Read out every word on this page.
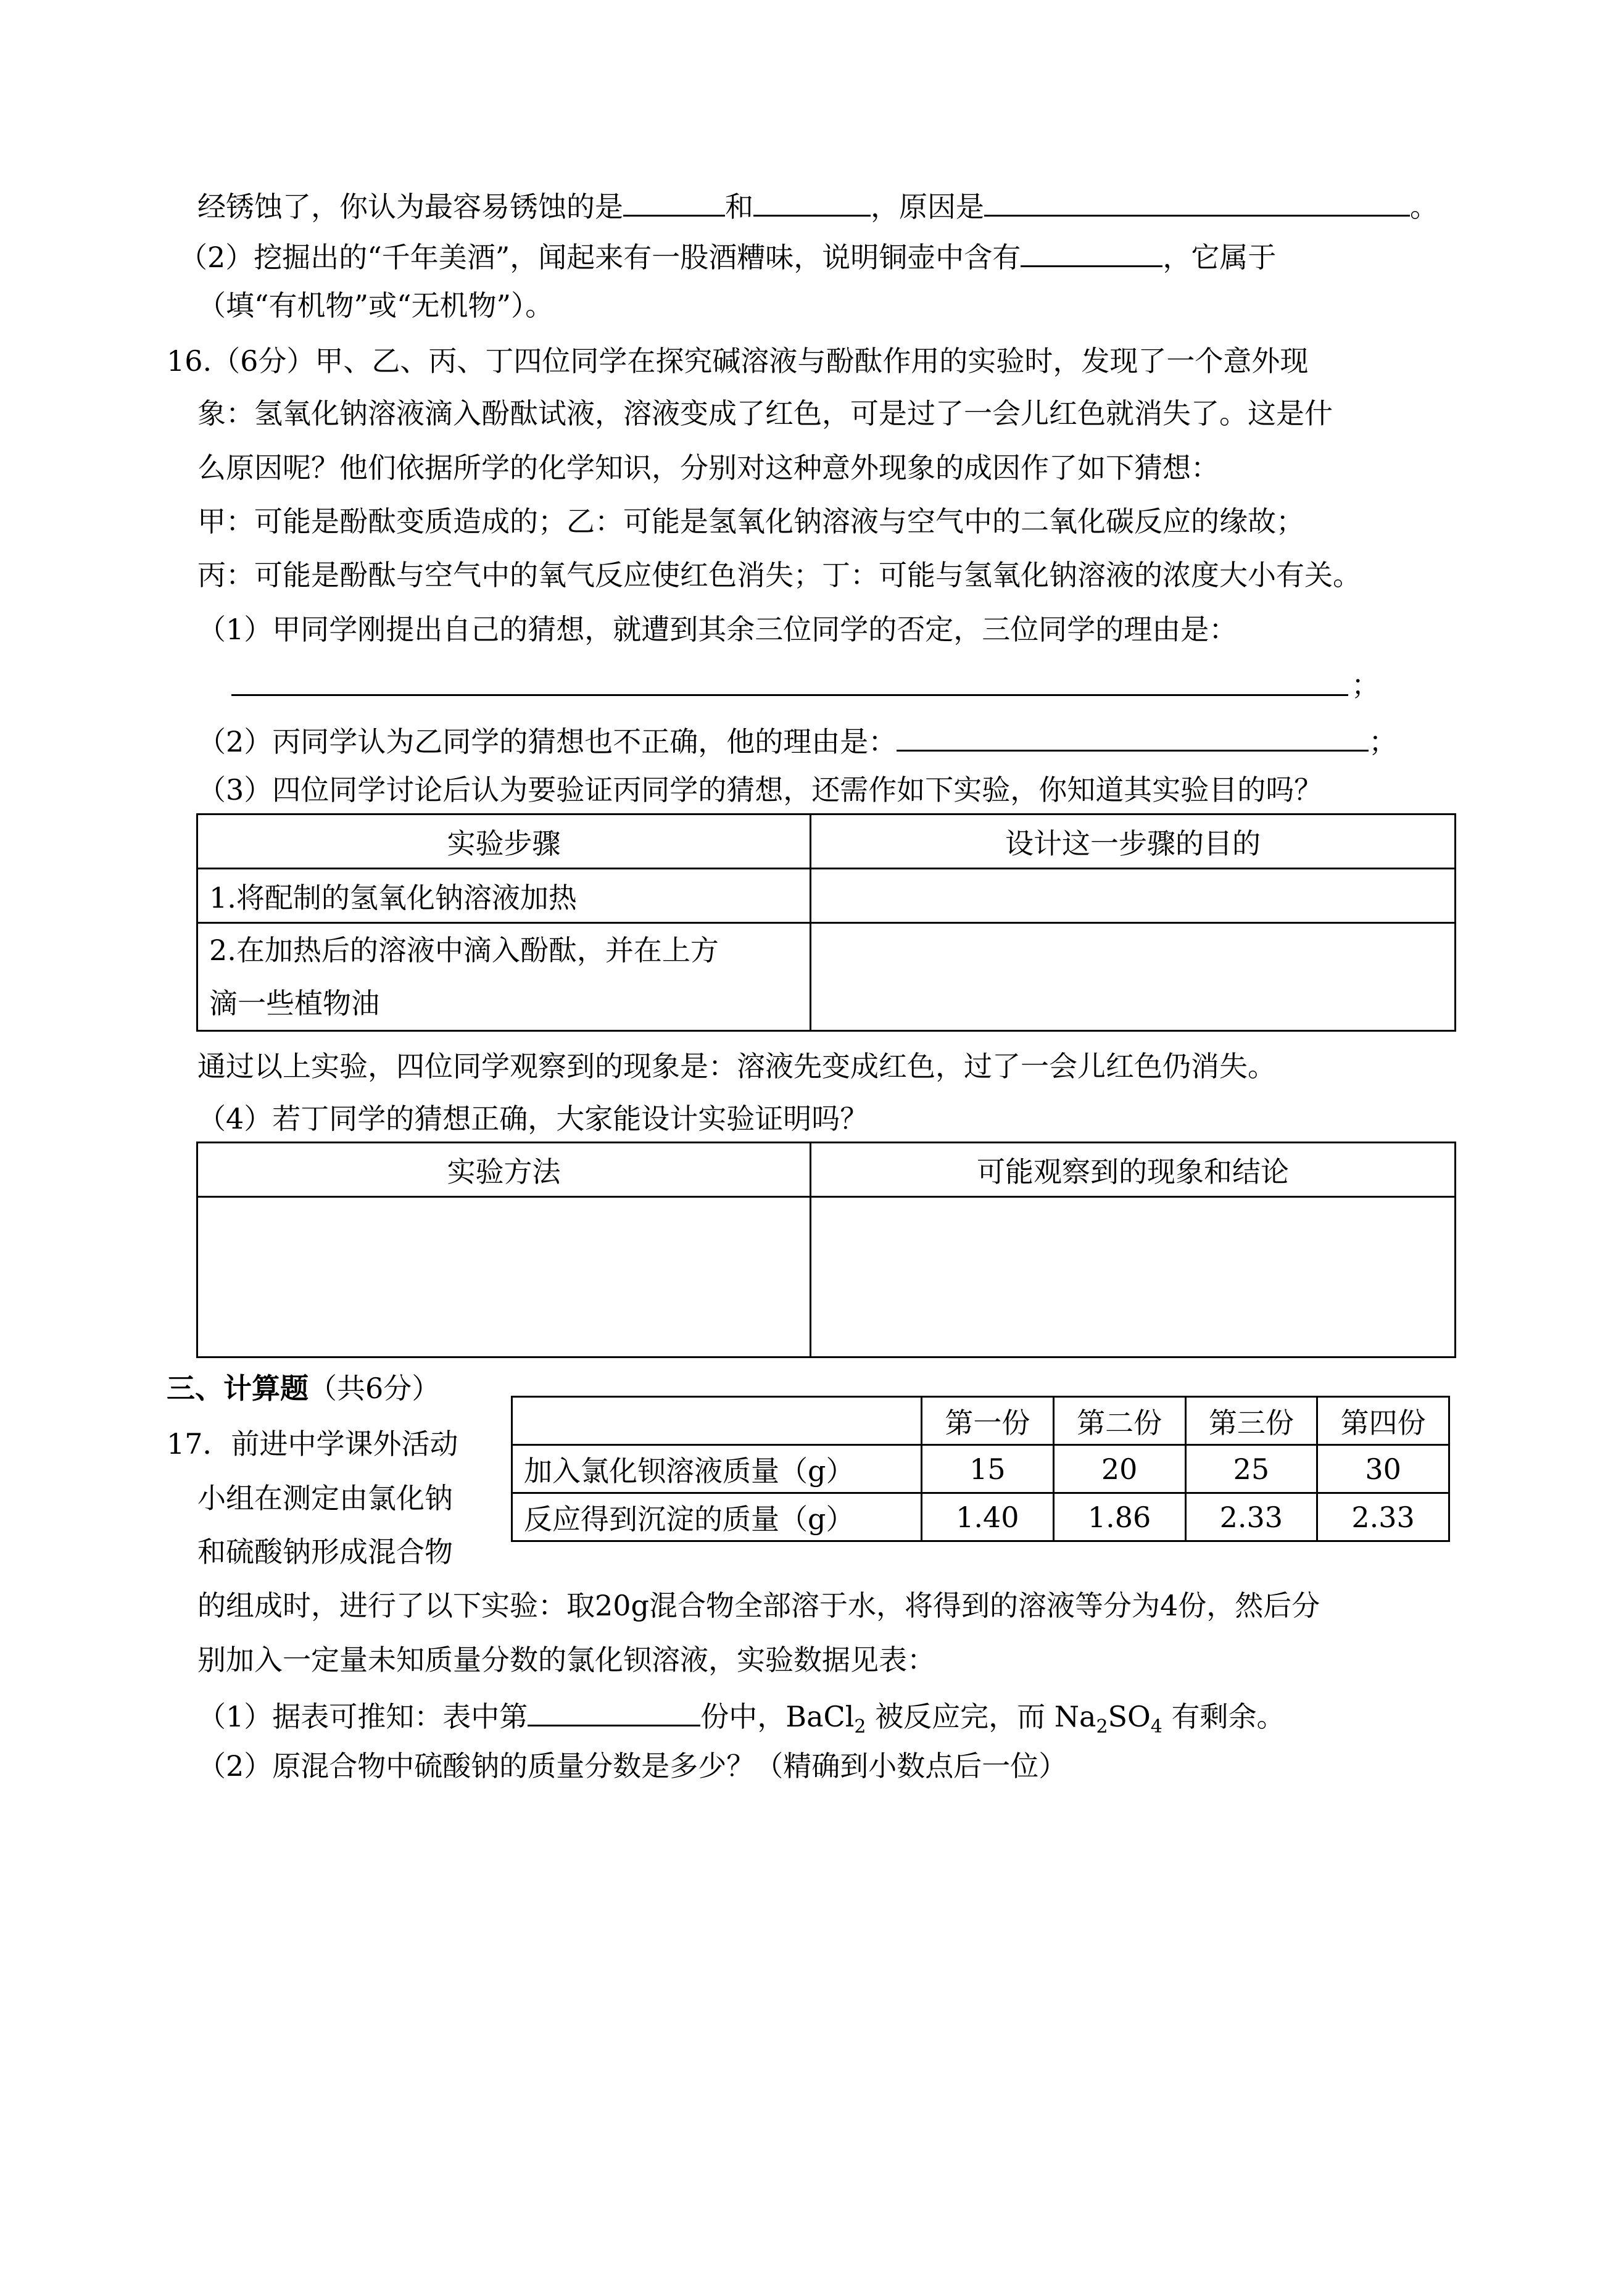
经锈蚀了，你认为最容易锈蚀的是	和	，原因是	。
（2）挖掘出的“千年美酒”，闻起来有一股酒糟味，说明铜壶中含有	，它属于
（填“有机物”或“无机物”）。
16.（6分）甲、乙、丙、丁四位同学在探究碱溶液与酚酞作用的实验时，发现了一个意外现
象：氢氧化钠溶液滴入酚酞试液，溶液变成了红色，可是过了一会儿红色就消失了。这是什
么原因呢？他们依据所学的化学知识，分别对这种意外现象的成因作了如下猜想：
甲：可能是酚酞变质造成的；乙：可能是氢氧化钠溶液与空气中的二氧化碳反应的缘故；
丙：可能是酚酞与空气中的氧气反应使红色消失；丁：可能与氢氧化钠溶液的浓度大小有关。
（1）甲同学刚提出自己的猜想，就遭到其余三位同学的否定，三位同学的理由是：
；
（2）丙同学认为乙同学的猜想也不正确，他的理由是：	；
（3）四位同学讨论后认为要验证丙同学的猜想，还需作如下实验，你知道其实验目的吗？
实验步骤	设计这一步骤的目的
1.将配制的氢氧化钠溶液加热	

2.在加热后的溶液中滴入酚酞，并在上方
滴一些植物油	

通过以上实验，四位同学观察到的现象是：溶液先变成红色，过了一会儿红色仍消失。
（4）若丁同学的猜想正确，大家能设计实验证明吗？
实验方法	可能观察到的现象和结论

三、计算题（共6分）
17．前进中学课外活动
小组在测定由氯化钠
和硫酸钠形成混合物
的组成时，进行了以下实验：取20g混合物全部溶于水，将得到的溶液等分为4份，然后分
别加入一定量未知质量分数的氯化钡溶液，实验数据见表：
（1）据表可推知：表中第	份中，BaCl$_2$ 被反应完，而 $Na_2SO_4$ 有剩余。
（2）原混合物中硫酸钠的质量分数是多少？（精确到小数点后一位）
	第一份	第二份	第三份	第四份
加入氯化钡溶液质量（g）	15	20	25	30
反应得到沉淀的质量（g）	1.40	1.86	2.33	2.33
